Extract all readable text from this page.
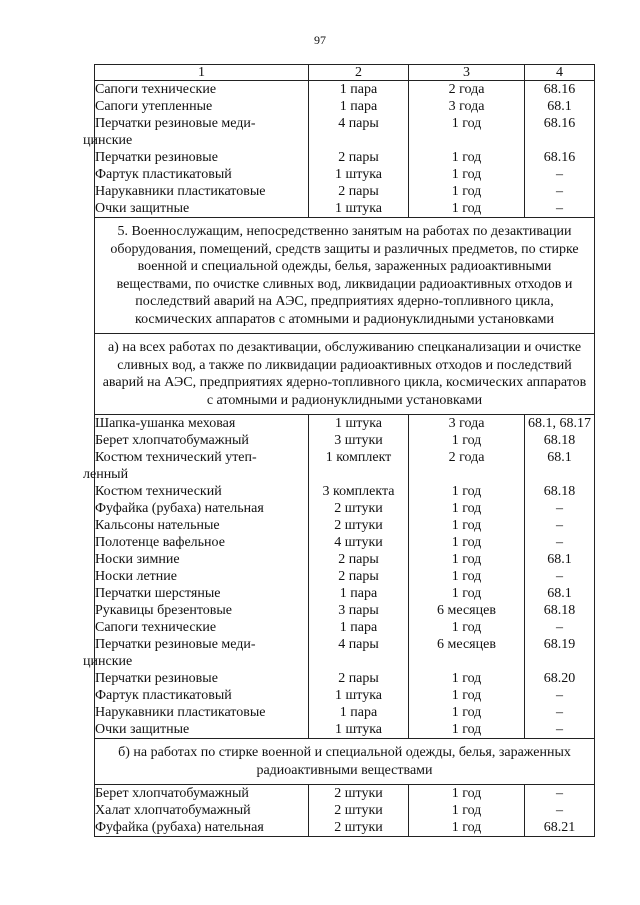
97
1	2	3	4
Сапоги технические	1 пара	2 года	68.16
Сапоги утепленные	1 пара	3 года	68.1
Перчатки резиновые меди-
цинские	4 пары	1 год	68.16
Перчатки резиновые	2 пары	1 год	68.16
Фартук пластикатовый	1 штука	1 год	–
Нарукавники пластикатовые	2 пары	1 год	–
Очки защитные	1 штука	1 год	–
5. Военнослужащим, непосредственно занятым на работах по дезактивации оборудования, помещений, средств защиты и различных предметов, по стирке военной и специальной одежды, белья, зараженных радиоактивными веществами, по очистке сливных вод, ликвидации радиоактивных отходов и последствий аварий на АЭС, предприятиях ядерно-топливного цикла, космических аппаратов с атомными и радионуклидными установками			
а) на всех работах по дезактивации, обслуживанию спецканализации и очистке сливных вод, а также по ликвидации радиоактивных отходов и последствий аварий на АЭС, предприятиях ядерно-топливного цикла, космических аппаратов с атомными и радионуклидными установками			
Шапка-ушанка меховая	1 штука	3 года	68.1, 68.17
Берет хлопчатобумажный	3 штуки	1 год	68.18
Костюм технический утеп-
ленный	1 комплект	2 года	68.1
Костюм технический	3 комплекта	1 год	68.18
Фуфайка (рубаха) нательная	2 штуки	1 год	–
Кальсоны нательные	2 штуки	1 год	–
Полотенце вафельное	4 штуки	1 год	–
Носки зимние	2 пары	1 год	68.1
Носки летние	2 пары	1 год	–
Перчатки шерстяные	1 пара	1 год	68.1
Рукавицы брезентовые	3 пары	6 месяцев	68.18
Сапоги технические	1 пара	1 год	–
Перчатки резиновые меди-
цинские	4 пары	6 месяцев	68.19
Перчатки резиновые	2 пары	1 год	68.20
Фартук пластикатовый	1 штука	1 год	–
Нарукавники пластикатовые	1 пара	1 год	–
Очки защитные	1 штука	1 год	–
б) на работах по стирке военной и специальной одежды, белья, зараженных радиоактивными веществами			
Берет хлопчатобумажный	2 штуки	1 год	–
Халат хлопчатобумажный	2 штуки	1 год	–
Фуфайка (рубаха) нательная	2 штуки	1 год	68.21
